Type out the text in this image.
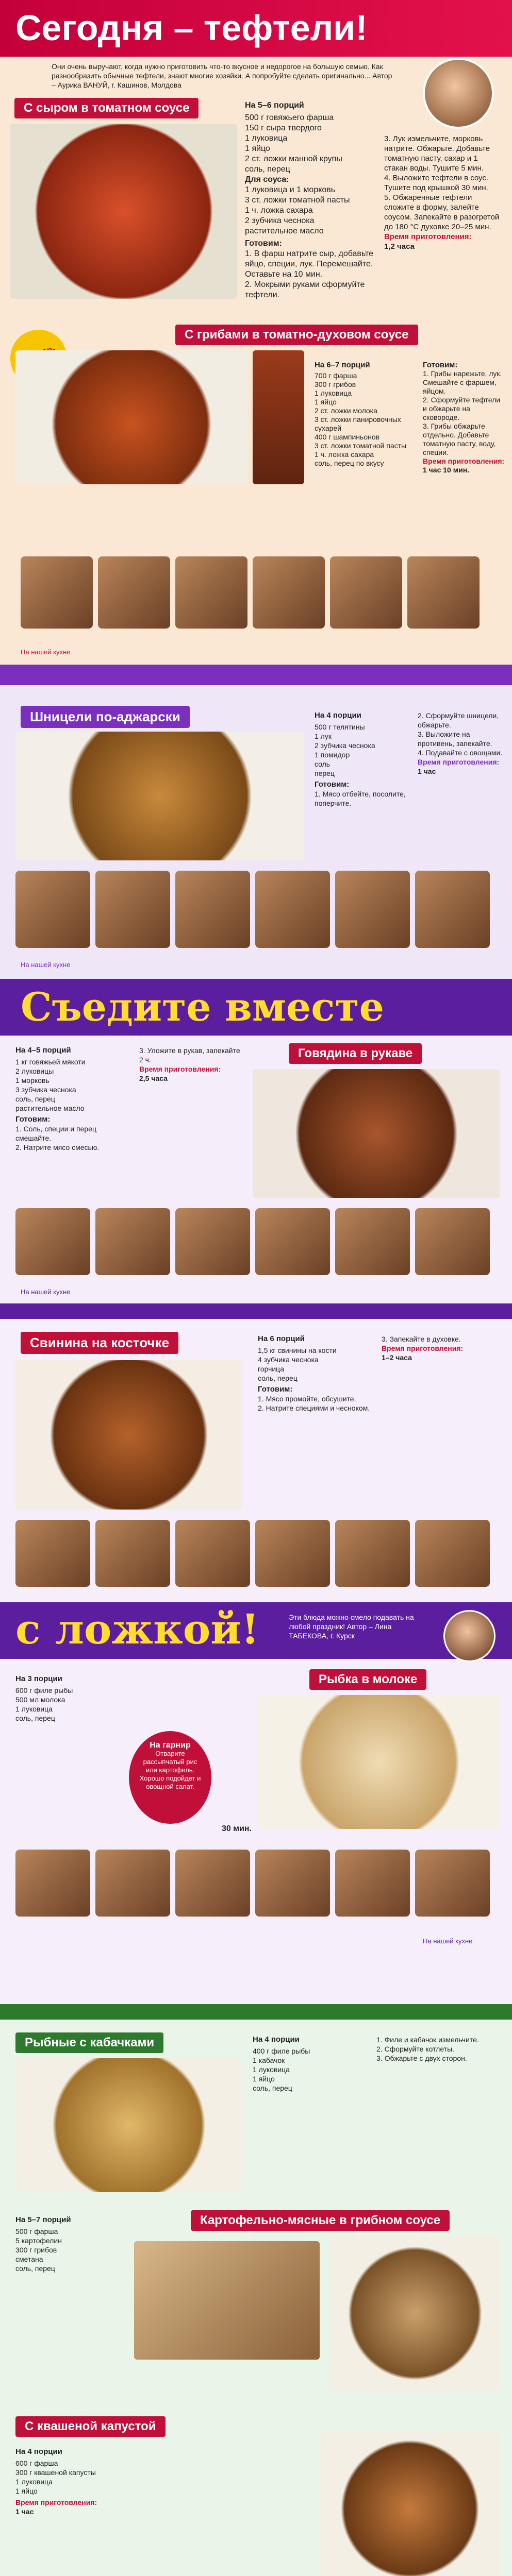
Сегодня – тефтели!
Они очень выручают, когда нужно приготовить что-то вкусное и недорогое на большую семью. Как разнообразить обычные тефтели, знают многие хозяйки. А попробуйте сделать оригинально... Автор – Аурика ВАНУЙ, г. Кашинов, Молдова
С сыром в томатном соусе	На 5–6 порций
500 г говяжьего фарша
150 г сыра твердого
1 луковица
1 яйцо
2 ст. ложки манной крупы
соль, перец
Для соуса:
1 луковица и 1 морковь
3 ст. ложки томатной пасты
1 ч. ложка сахара
2 зубчика чеснока
растительное масло
Готовим:
1. В фарш натрите сыр, добавьте яйцо, специи, лук. Перемешайте. Оставьте на 10 мин.
2. Мокрыми руками сформуйте тефтели.
3. Лук измельчите, морковь натрите. Обжарьте. Добавьте томатную пасту, сахар и 1 стакан воды. Тушите 5 мин.
4. Выложите тефтели в соус. Тушите под крышкой 30 мин.
5. Обжаренные тефтели сложите в форму, залейте соусом. Запекайте в разогретой до 180 °С духовке 20–25 мин.
Время приготовления:
1,2 часа
С грибами в томатно-духовом соусе
На 6–7 порций
700 г фарша
300 г грибов
1 луковица
1 яйцо
2 ст. ложки молока
3 ст. ложки панировочных сухарей
400 г шампиньонов
3 ст. ложки томатной пасты
1 ч. ложка сахара
соль, перец по вкусу
Готовим:
1. Грибы нарежьте, лук. Смешайте с фаршем, яйцом.
2. Сформуйте тефтели и обжарьте на сковороде.
3. Грибы обжарьте отдельно. Добавьте томатную пасту, воду, специи.
Время приготовления:
1 час 10 мин.
На нашей кухне
Шницели по-аджарски	На 4 порции
500 г телятины
1 лук
2 зубчика чеснока
1 помидор
соль
перец
Готовим:
1. Мясо отбейте, посолите, поперчите.
2. Сформуйте шницели, обжарьте.
3. Выложите на противень, запекайте.
4. Подавайте с овощами.
Время приготовления:
1 час
На нашей кухне
Съедите вместе
Говядина в рукаве
На 4–5 порций
1 кг говяжьей мякоти
2 луковицы
1 морковь
3 зубчика чеснока
соль, перец
растительное масло
Готовим:
1. Соль, специи и перец смешайте.
2. Натрите мясо смесью.
3. Уложите в рукав, запекайте 2 ч.
Время приготовления:
2,5 часа
На нашей кухне
Свинина на косточке	На 6 порций
1,5 кг свинины на кости
4 зубчика чеснока
горчица
соль, перец
Готовим:
1. Мясо промойте, обсушите.
2. Натрите специями и чесноком.
3. Запекайте в духовке.
Время приготовления:
1–2 часа
с ложкой!	Эти блюда можно смело подавать на любой праздник! Автор – Лина ТАБЕКОВА, г. Курск
Рыбка в молоке
На 3 порции
600 г филе рыбы
500 мл молока
1 луковица
соль, перец
На гарнир
Отварите рассыпчатый рис или картофель. Хорошо подойдет и овощной салат.
30 мин.
На нашей кухне
Рыбные с кабачками	На 4 порции
400 г филе рыбы
1 кабачок
1 луковица
1 яйцо
соль, перец
1. Филе и кабачок измельчите.
2. Сформуйте котлеты.
3. Обжарьте с двух сторон.
Картофельно-мясные в грибном соусе
На 5–7 порций
500 г фарша
5 картофелин
300 г грибов
сметана
соль, перец
С квашеной капустой
На 4 порции
600 г фарша
300 г квашеной капусты
1 луковица
1 яйцо
Время приготовления:
1 час
